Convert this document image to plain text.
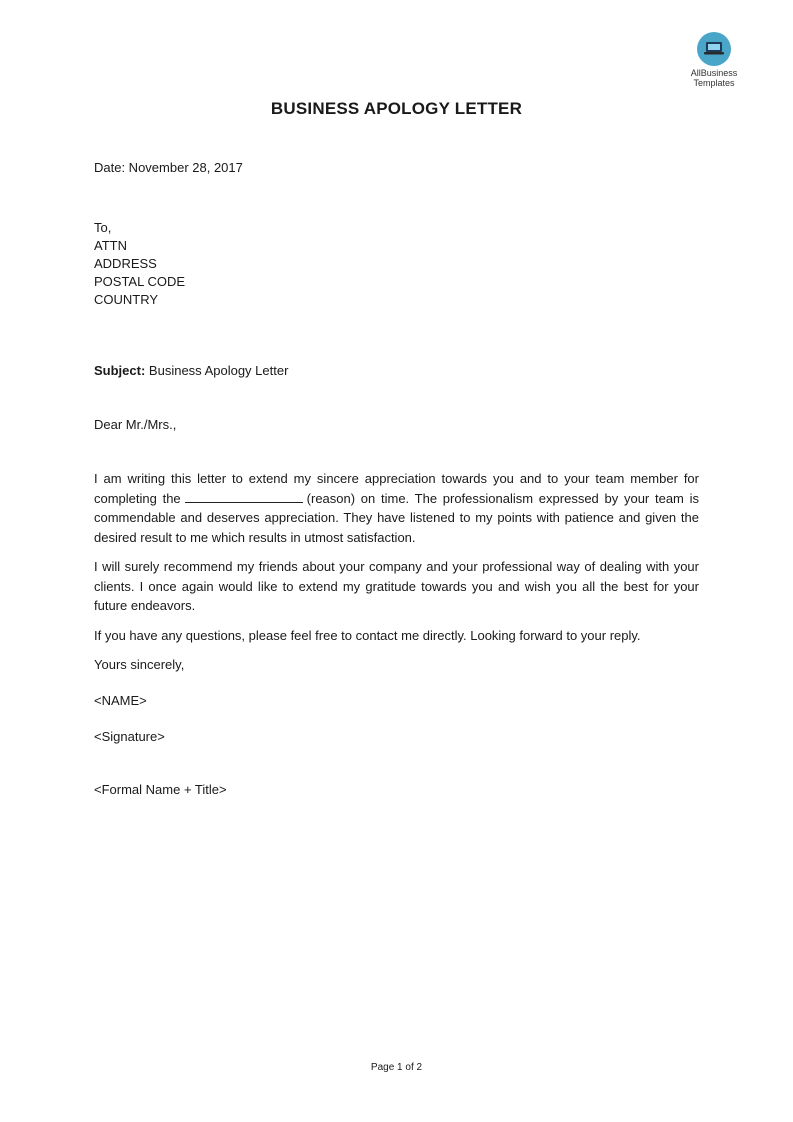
AllBusiness
Templates
BUSINESS APOLOGY LETTER
Date: November 28, 2017
To,
ATTN
ADDRESS
POSTAL CODE
COUNTRY
Subject: Business Apology Letter
Dear Mr./Mrs.,
I am writing this letter to extend my sincere appreciation towards you and to your team member for completing the	(reason) on time. The professionalism expressed by your team is commendable and deserves appreciation. They have listened to my points with patience and given the desired result to me which results in utmost satisfaction.
I will surely recommend my friends about your company and your professional way of dealing with your clients. I once again would like to extend my gratitude towards you and wish you all the best for your future endeavors.
If you have any questions, please feel free to contact me directly. Looking forward to your reply.
Yours sincerely,
<NAME>
<Signature>
<Formal Name + Title>
Page 1 of 2
